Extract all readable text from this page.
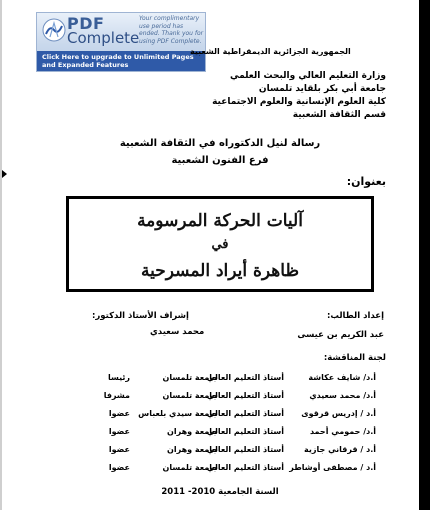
PDF
Complete
Your complimentary use period has ended. Thank you for using PDF Complete.
Click Here to upgrade to Unlimited Pages and Expanded Features
الجمهورية الجزائرية الديمقراطية الشعبية
وزارة التعليم العالي والبحث العلمي
جامعة أبي بكر بلقايد تلمسان
كلية العلوم الإنسانية والعلوم الاجتماعية
قسم الثقافة الشعبية
رسالة لنيل الدكتوراه في الثقافة الشعبية
فرع الفنون الشعبية
بعنوان:
آليات الحركة المرسومة
في
ظاهرة أيراد المسرحية
إعداد الطالب:
عبد الكريم بن عيسى
إشراف الأستاذ الدكتور:
محمد سعيدي
لجنة المناقشة:
أ.د/ شايف عكاشة
أستاذ التعليم العالي
جامعة تلمسان
رئيسا
أ.د/ محمد سعيدي
أستاذ التعليم العالي
جامعة تلمسان
مشرفا
أ.د / إدريس قرقوى
أستاذ التعليم العالي
جامعة سيدي بلعباس
عضوا
أ.د/ حمومي أحمد
أستاذ التعليم العالي
جامعة وهران
عضوا
أ.د / قرقاني جازية
أستاذ التعليم العالي
جامعة وهران
عضوا
أ.د / مصطفى أوشاطر
أستاذ التعليم العالي
جامعة تلمسان
عضوا
السنة الجامعية 2010- 2011
